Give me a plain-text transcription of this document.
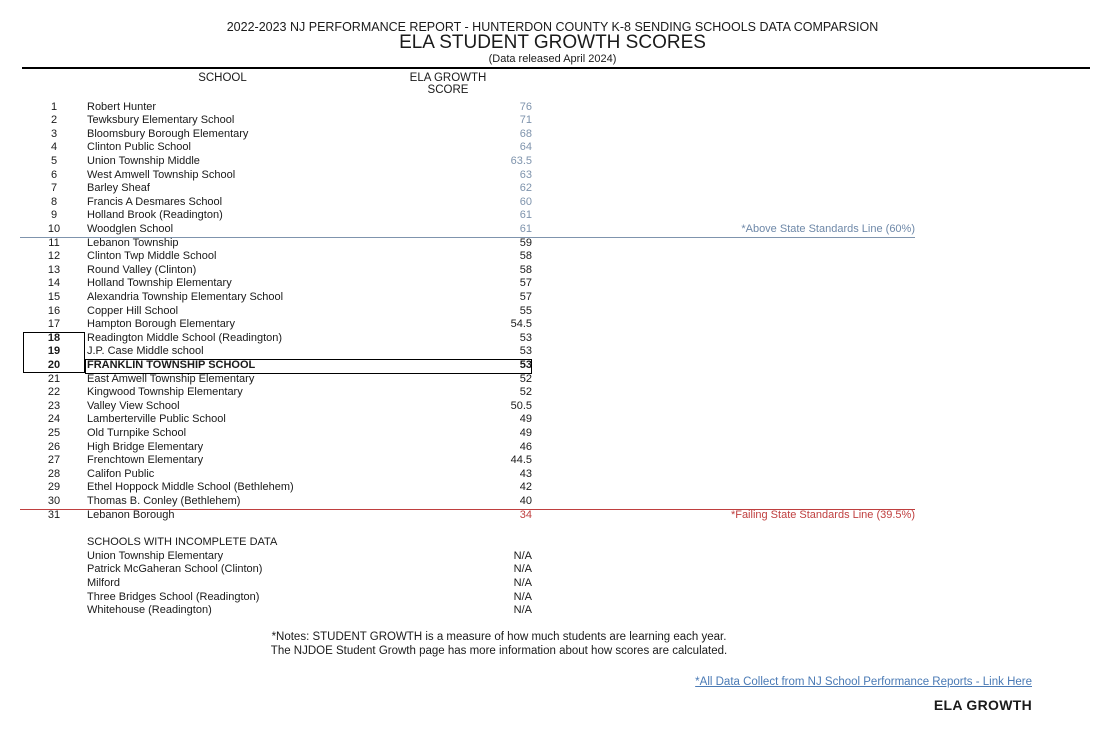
2022-2023 NJ PERFORMANCE REPORT - HUNTERDON COUNTY K-8 SENDING SCHOOLS DATA COMPARSION
ELA STUDENT GROWTH SCORES
(Data released April 2024)
SCHOOL	ELA GROWTH SCORE
1	Robert Hunter	76
2	Tewksbury Elementary School	71
3	Bloomsbury Borough Elementary	68
4	Clinton Public School	64
5	Union Township Middle	63.5
6	West Amwell Township School	63
7	Barley Sheaf	62
8	Francis A Desmares School	60
9	Holland Brook (Readington)	61
10	Woodglen School	61	*Above State Standards Line (60%)
11	Lebanon Township	59
12	Clinton Twp Middle School	58
13	Round Valley (Clinton)	58
14	Holland Township Elementary	57
15	Alexandria Township Elementary School	57
16	Copper Hill School	55
17	Hampton Borough Elementary	54.5
18	Readington Middle School (Readington)	53
19	J.P. Case Middle school	53
20	FRANKLIN TOWNSHIP SCHOOL	53
21	East Amwell Township Elementary	52
22	Kingwood Township Elementary	52
23	Valley View School	50.5
24	Lamberterville Public School	49
25	Old Turnpike School	49
26	High Bridge Elementary	46
27	Frenchtown Elementary	44.5
28	Califon Public	43
29	Ethel Hoppock Middle School (Bethlehem)	42
30	Thomas B. Conley (Bethlehem)	40
31	Lebanon Borough	34	*Failing State Standards Line (39.5%)
SCHOOLS WITH INCOMPLETE DATA
Union Township Elementary	N/A
Patrick McGaheran School (Clinton)	N/A
Milford	N/A
Three Bridges School (Readington)	N/A
Whitehouse (Readington)	N/A
*Notes: STUDENT GROWTH is a measure of how much students are learning each year.
The NJDOE Student Growth page has more information about how scores are calculated.
*All Data Collect from NJ School Performance Reports - Link Here
ELA GROWTH
